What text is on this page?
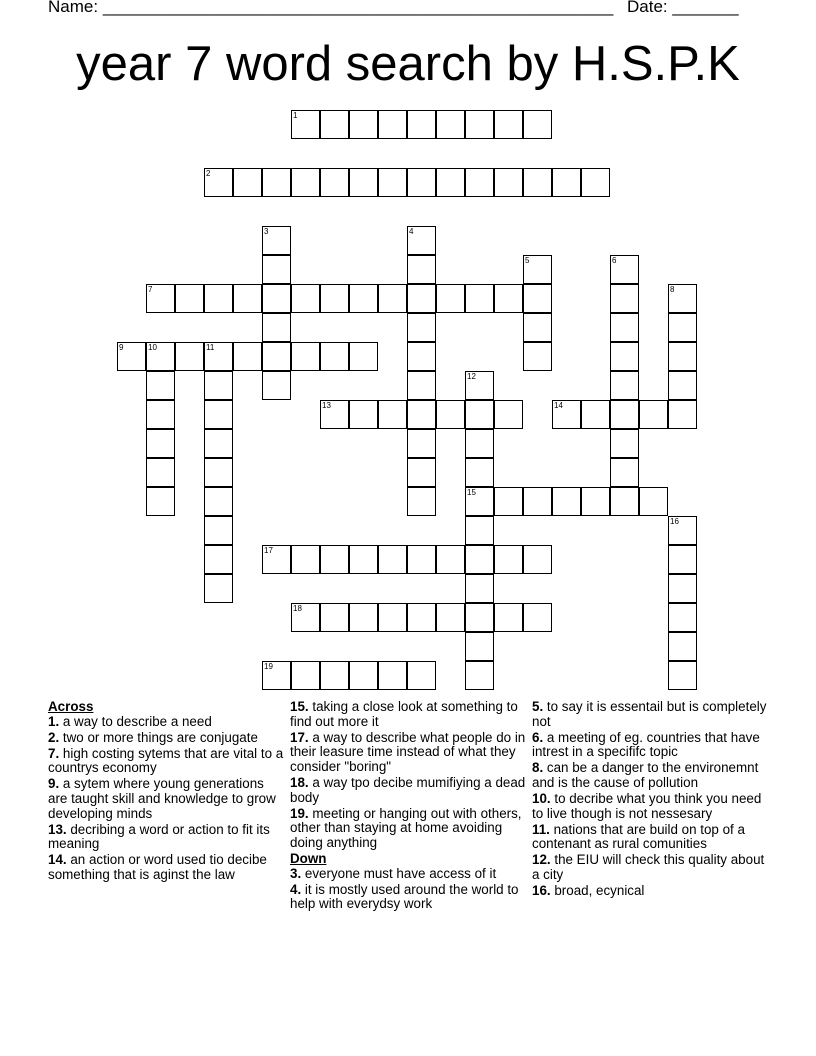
Name: ______________________________________________________ Date: _______
year 7 word search by H.S.P.K
1
2
7
9	10	11
13	14
15
17
18
19
3	4
5	6
8
12
16
Across
1. a way to describe a need
2. two or more things are conjugate
7. high costing sytems that are vital to a countrys economy
9. a sytem where young generations are taught skill and knowledge to grow developing minds
13. decribing a word or action to fit its meaning
14. an action or word used tio decibe something that is aginst the law
15. taking a close look at something to find out more it
17. a way to describe what people do in their leasure time instead of what they consider "boring"
18. a way tpo decibe mumifiying a dead body
19. meeting or hanging out with others, other than staying at home avoiding doing anything
Down
3. everyone must have access of it
4. it is mostly used around the world to help with everydsy work
5. to say it is essentail but is completely not
6. a meeting of eg. countries that have intrest in a specififc topic
8. can be a danger to the environemnt and is the cause of pollution
10. to decribe what you think you need to live though is not nessesary
11. nations that are build on top of a contenant as rural comunities
12. the EIU will check this quality about a city
16. broad, ecynical
